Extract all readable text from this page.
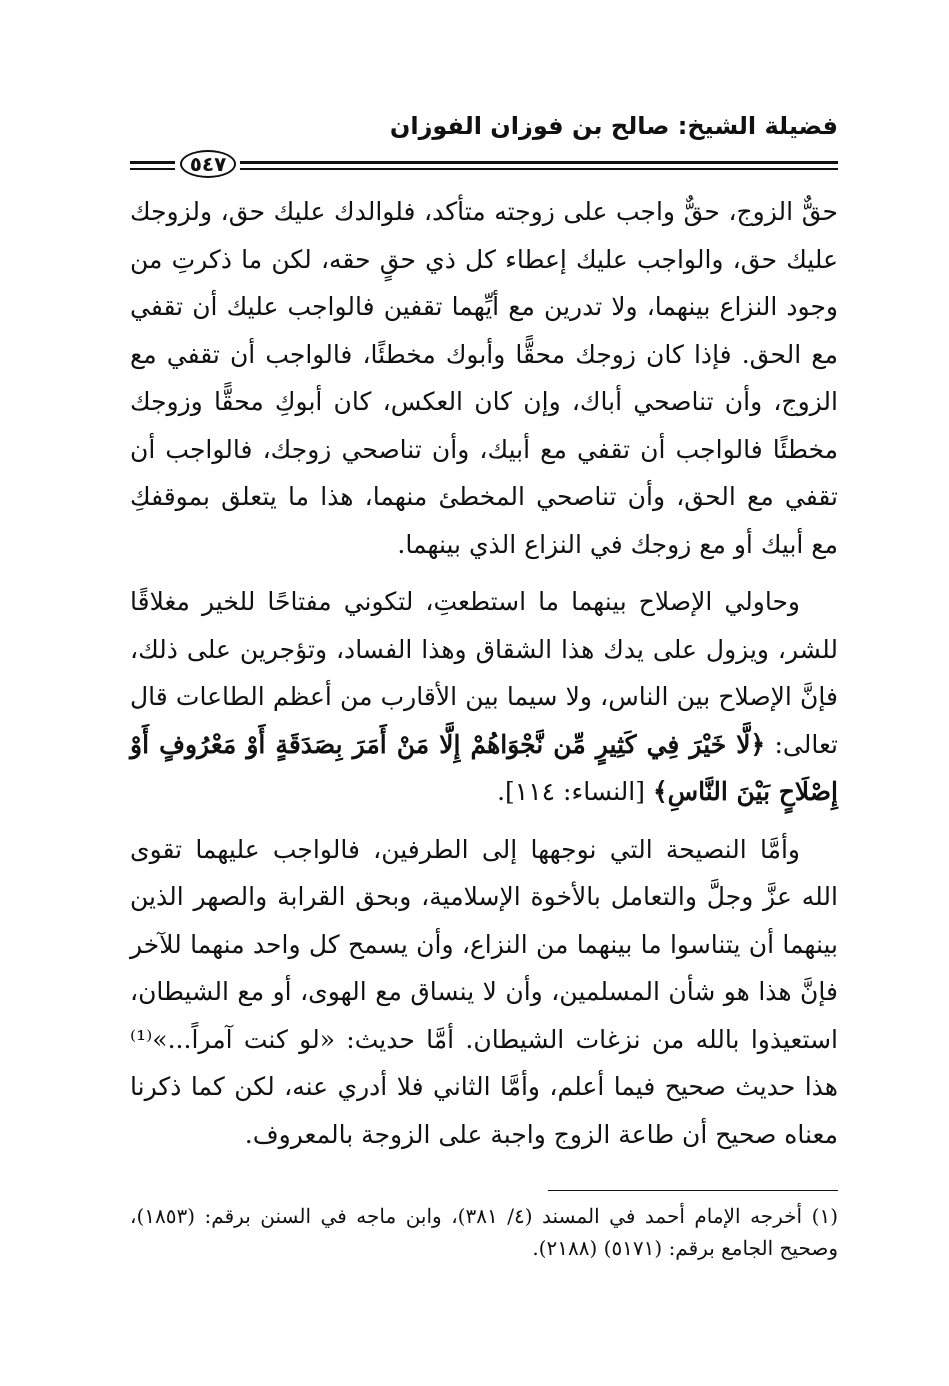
فضيلة الشيخ: صالح بن فوزان الفوزان
٥٤٧

حقٌّ الزوج، حقٌّ واجب على زوجته متأكد، فلوالدك عليك حق، ولزوجك عليك حق، والواجب عليك إعطاء كل ذي حقٍ حقه، لكن ما ذكرتِ من وجود النزاع بينهما، ولا تدرين مع أيِّهما تقفين فالواجب عليك أن تقفي مع الحق. فإذا كان زوجك محقًّا وأبوك مخطئًا، فالواجب أن تقفي مع الزوج، وأن تناصحي أباك، وإن كان العكس، كان أبوكِ محقًّا وزوجك مخطئًا فالواجب أن تقفي مع أبيك، وأن تناصحي زوجك، فالواجب أن تقفي مع الحق، وأن تناصحي المخطئ منهما، هذا ما يتعلق بموقفكِ مع أبيك أو مع زوجك في النزاع الذي بينهما.

وحاولي الإصلاح بينهما ما استطعتِ، لتكوني مفتاحًا للخير مغلاقًا للشر، ويزول على يدك هذا الشقاق وهذا الفساد، وتؤجرين على ذلك، فإنَّ الإصلاح بين الناس، ولا سيما بين الأقارب من أعظم الطاعات قال تعالى: ﴿لَّا خَيْرَ فِي كَثِيرٍ مِّن نَّجْوَاهُمْ إِلَّا مَنْ أَمَرَ بِصَدَقَةٍ أَوْ مَعْرُوفٍ أَوْ إِصْلَاحٍ بَيْنَ النَّاسِ﴾ [النساء: ١١٤].

وأمَّا النصيحة التي نوجهها إلى الطرفين، فالواجب عليهما تقوى الله عزَّ وجلَّ والتعامل بالأخوة الإسلامية، وبحق القرابة والصهر الذين بينهما أن يتناسوا ما بينهما من النزاع، وأن يسمح كل واحد منهما للآخر فإنَّ هذا هو شأن المسلمين، وأن لا ينساق مع الهوى، أو مع الشيطان، استعيذوا بالله من نزغات الشيطان. أمَّا حديث: «لو كنت آمراً...»⁽¹⁾ هذا حديث صحيح فيما أعلم، وأمَّا الثاني فلا أدري عنه، لكن كما ذكرنا معناه صحيح أن طاعة الزوج واجبة على الزوجة بالمعروف.

(١) أخرجه الإمام أحمد في المسند (٤/ ٣٨١)، وابن ماجه في السنن برقم: (١٨٥٣)، وصحيح الجامع برقم: (٥١٧١) (٢١٨٨).
